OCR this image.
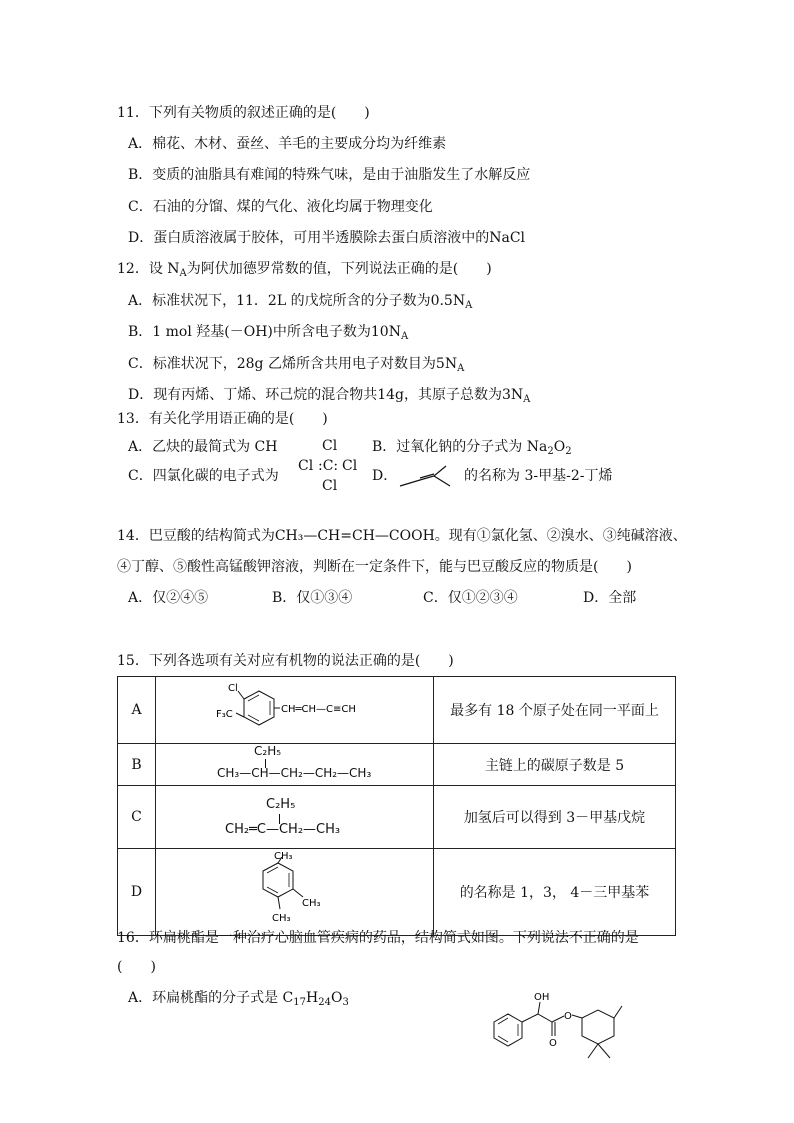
11．下列有关物质的叙述正确的是(　　)
A．棉花、木材、蚕丝、羊毛的主要成分均为纤维素
B．变质的油脂具有难闻的特殊气味，是由于油脂发生了水解反应
C．石油的分馏、煤的气化、液化均属于物理变化
D．蛋白质溶液属于胶体，可用半透膜除去蛋白质溶液中的NaCl
12．设 $N_A$为阿伏加德罗常数的值，下列说法正确的是(　　)
A．标准状况下，11．2L 的戊烷所含的分子数为$0.5N_A$
B．1 mol 羟基(－OH)中所含电子数为$10N_A$
C．标准状况下，28g 乙烯所含共用电子对数目为$5N_A$
D．现有丙烯、丁烯、环己烷的混合物共14g，其原子总数为$3N_A$
13．有关化学用语正确的是(　　)
A．乙炔的最简式为 CH	B．过氧化钠的分子式为 $Na_2O_2$
C．四氯化碳的电子式为
Cl
Cl :C: Cl
Cl
D．	的名称为 3-甲基-2-丁烯
14．巴豆酸的结构简式为CH₃—CH=CH—COOH。现有①氯化氢、②溴水、③纯碱溶液、
④丁醇、⑤酸性高锰酸钾溶液，判断在一定条件下，能与巴豆酸反应的物质是(　　)
A．仅②④⑤	B．仅①③④	C．仅①②③④	D．全部
15．下列各选项有关对应有机物的说法正确的是(　　)
A	Cl
F₃C CH═CH—C≡CH	最多有 18 个原子处在同一平面上
B	C₂H₅
CH₃—CH—CH₂—CH₂—CH₃	主链上的碳原子数是 5
C	C₂H₅
CH₂═C—CH₂—CH₃	加氢后可以得到 3－甲基戊烷
D	CH₃
CH₃
CH₃	的名称是 1，3， 4－三甲基苯
16．环扁桃酯是一种治疗心脑血管疾病的药品，结构简式如图。下列说法不正确的是
(　　)
A．环扁桃酯的分子式是 $C_{17}H_{24}O_3$	OH
O
O
